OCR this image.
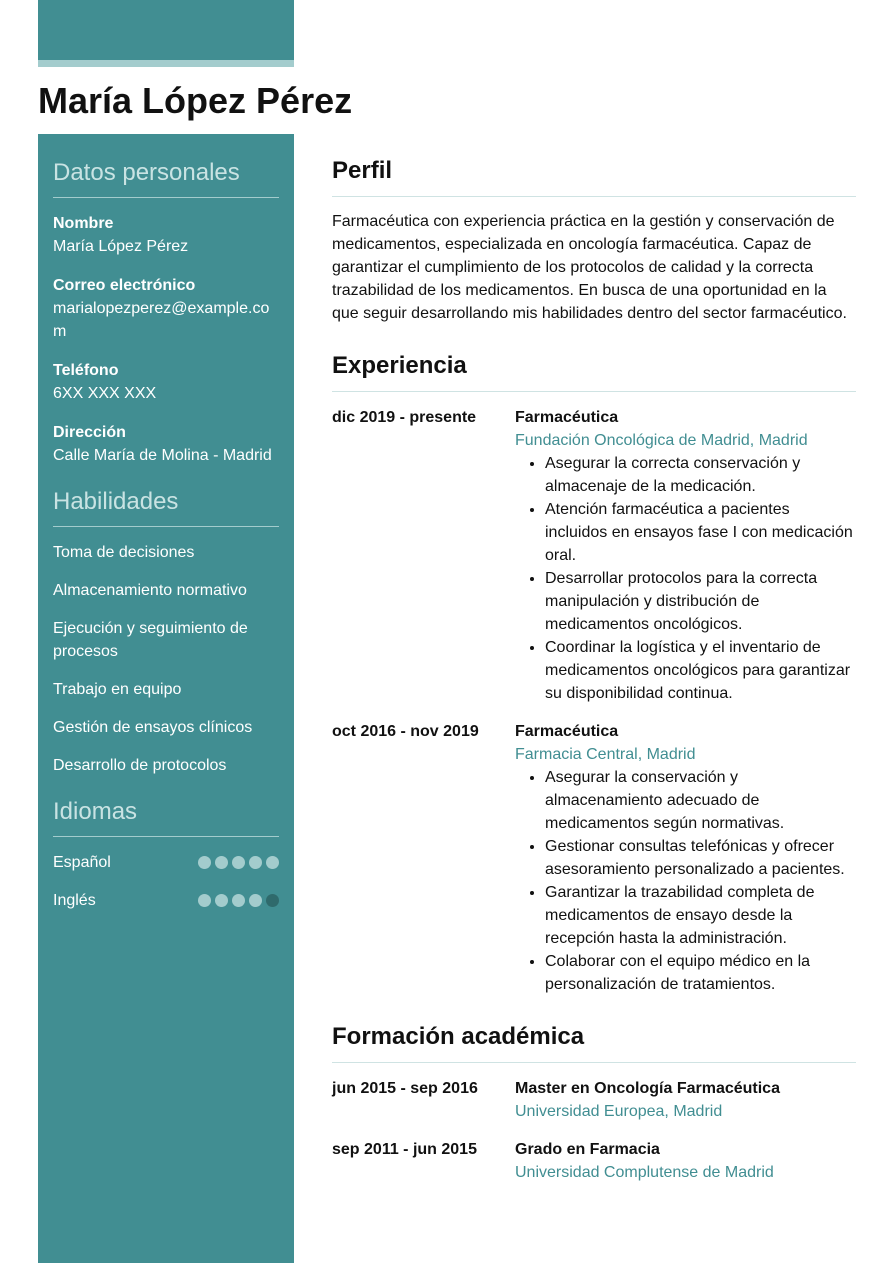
María López Pérez
Datos personales
Nombre
María López Pérez
Correo electrónico
marialopezperez@example.com
Teléfono
6XX XXX XXX
Dirección
Calle María de Molina - Madrid
Habilidades
Toma de decisiones
Almacenamiento normativo
Ejecución y seguimiento de procesos
Trabajo en equipo
Gestión de ensayos clínicos
Desarrollo de protocolos
Idiomas
Español
Inglés
Perfil

Farmacéutica con experiencia práctica en la gestión y conservación de medicamentos, especializada en oncología farmacéutica. Capaz de garantizar el cumplimiento de los protocolos de calidad y la correcta trazabilidad de los medicamentos. En busca de una oportunidad en la que seguir desarrollando mis habilidades dentro del sector farmacéutico.

Experiencia
dic 2019 - presente	Farmacéutica
Fundación Oncológica de Madrid, Madrid
• Asegurar la correcta conservación y almacenaje de la medicación.
• Atención farmacéutica a pacientes incluidos en ensayos fase I con medicación oral.
• Desarrollar protocolos para la correcta manipulación y distribución de medicamentos oncológicos.
• Coordinar la logística y el inventario de medicamentos oncológicos para garantizar su disponibilidad continua.
oct 2016 - nov 2019	Farmacéutica
Farmacia Central, Madrid
• Asegurar la conservación y almacenamiento adecuado de medicamentos según normativas.
• Gestionar consultas telefónicas y ofrecer asesoramiento personalizado a pacientes.
• Garantizar la trazabilidad completa de medicamentos de ensayo desde la recepción hasta la administración.
• Colaborar con el equipo médico en la personalización de tratamientos.
Formación académica
jun 2015 - sep 2016	Master en Oncología Farmacéutica
Universidad Europea, Madrid
sep 2011 - jun 2015	Grado en Farmacia
Universidad Complutense de Madrid
